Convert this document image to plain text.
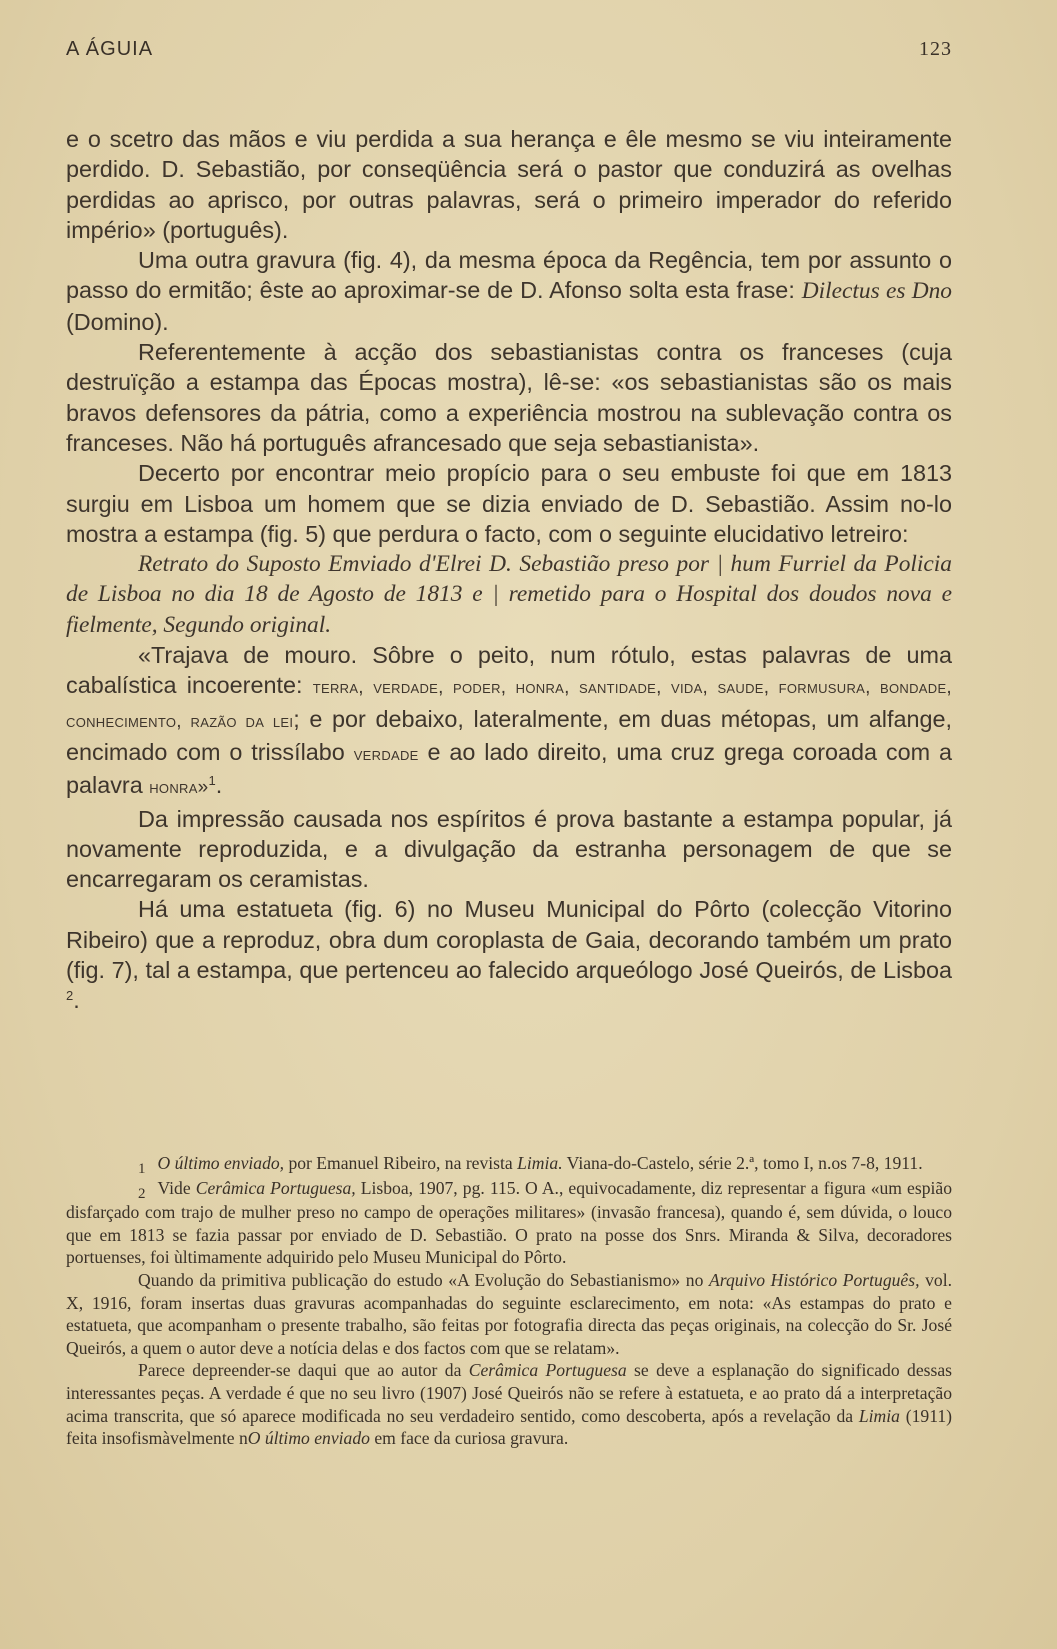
A ÁGUIA	123

e o scetro das mãos e viu perdida a sua herança e êle mesmo se viu inteiramente perdido. D. Sebastião, por conseqüência será o pastor que conduzirá as ovelhas perdidas ao aprisco, por outras palavras, será o primeiro imperador do referido império» (português).

Uma outra gravura (fig. 4), da mesma época da Regência, tem por assunto o passo do ermitão; êste ao aproximar-se de D. Afonso solta esta frase: Dilectus es Dno (Domino).

Referentemente à acção dos sebastianistas contra os franceses (cuja destruïção a estampa das Épocas mostra), lê-se: «os sebastianistas são os mais bravos defensores da pátria, como a experiência mostrou na sublevação contra os franceses. Não há português afrancesado que seja sebastianista».

Decerto por encontrar meio propício para o seu embuste foi que em 1813 surgiu em Lisboa um homem que se dizia enviado de D. Sebastião. Assim no-lo mostra a estampa (fig. 5) que perdura o facto, com o seguinte elucidativo letreiro:

Retrato do Suposto Emviado d'Elrei D. Sebastião preso por | hum Furriel da Policia de Lisboa no dia 18 de Agosto de 1813 e | remetido para o Hospital dos doudos nova e fielmente, Segundo original.

«Trajava de mouro. Sôbre o peito, num rótulo, estas palavras de uma cabalística incoerente: terra, verdade, poder, honra, santidade, vida, saude, formusura, bondade, conhecimento, razão da lei; e por debaixo, lateralmente, em duas métopas, um alfange, encimado com o trissílabo verdade e ao lado direito, uma cruz grega coroada com a palavra honra»$^1$.

Da impressão causada nos espíritos é prova bastante a estampa popular, já novamente reproduzida, e a divulgação da estranha personagem de que se encarregaram os ceramistas.

Há uma estatueta (fig. 6) no Museu Municipal do Pôrto (colecção Vitorino Ribeiro) que a reproduz, obra dum coroplasta de Gaia, decorando também um prato (fig. 7), tal a estampa, que pertenceu ao falecido arqueólogo José Queirós, de Lisboa $^2$.

1 O último enviado, por Emanuel Ribeiro, na revista Limia. Viana-do-Castelo, série 2.ª, tomo I, n.os 7-8, 1911.

2 Vide Cerâmica Portuguesa, Lisboa, 1907, pg. 115. O A., equivocadamente, diz representar a figura «um espião disfarçado com trajo de mulher preso no campo de operações militares» (invasão francesa), quando é, sem dúvida, o louco que em 1813 se fazia passar por enviado de D. Sebastião. O prato na posse dos Snrs. Miranda & Silva, decoradores portuenses, foi ùltimamente adquirido pelo Museu Municipal do Pôrto.

Quando da primitiva publicação do estudo «A Evolução do Sebastianismo» no Arquivo Histórico Português, vol. X, 1916, foram insertas duas gravuras acompanhadas do seguinte esclarecimento, em nota: «As estampas do prato e estatueta, que acompanham o presente trabalho, são feitas por fotografia directa das peças originais, na colecção do Sr. José Queirós, a quem o autor deve a notícia delas e dos factos com que se relatam».

Parece depreender-se daqui que ao autor da Cerâmica Portuguesa se deve a esplanação do significado dessas interessantes peças. A verdade é que no seu livro (1907) José Queirós não se refere à estatueta, e ao prato dá a interpretação acima transcrita, que só aparece modificada no seu verdadeiro sentido, como descoberta, após a revelação da Limia (1911) feita insofismàvelmente nO último enviado em face da curiosa gravura.
